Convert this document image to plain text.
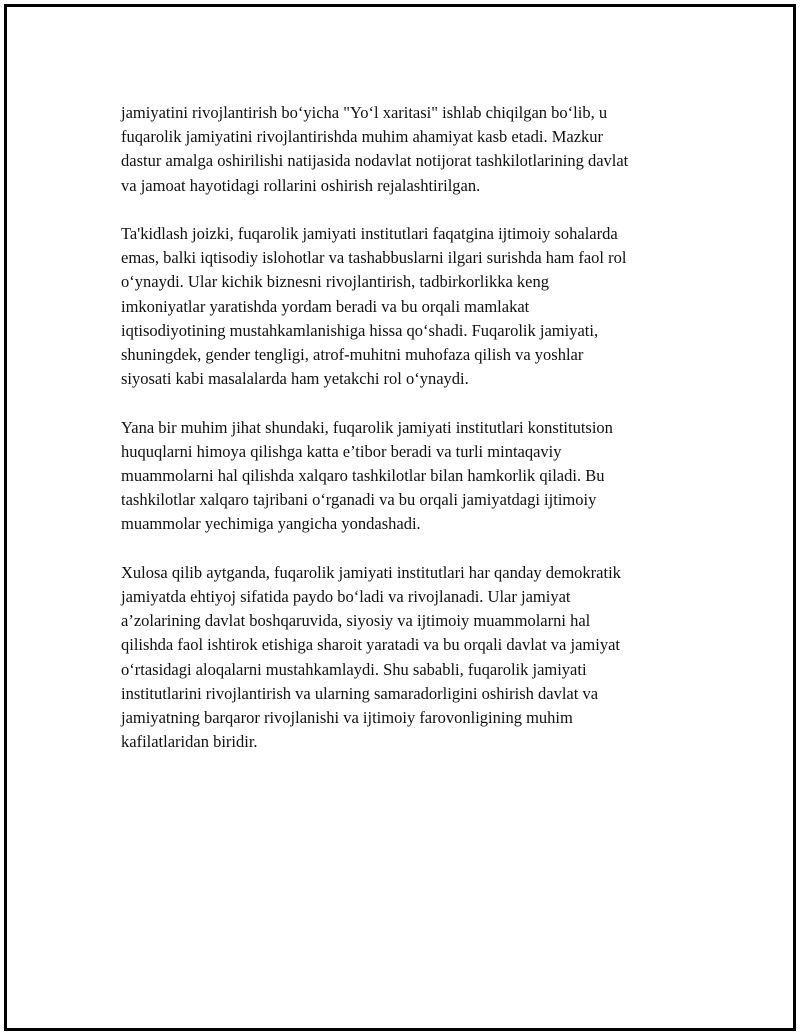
jamiyatini rivojlantirish bo‘yicha "Yo‘l xaritasi" ishlab chiqilgan bo‘lib, u
fuqarolik jamiyatini rivojlantirishda muhim ahamiyat kasb etadi. Mazkur
dastur amalga oshirilishi natijasida nodavlat notijorat tashkilotlarining davlat
va jamoat hayotidagi rollarini oshirish rejalashtirilgan.

Ta'kidlash joizki, fuqarolik jamiyati institutlari faqatgina ijtimoiy sohalarda
emas, balki iqtisodiy islohotlar va tashabbuslarni ilgari surishda ham faol rol
o‘ynaydi. Ular kichik biznesni rivojlantirish, tadbirkorlikka keng
imkoniyatlar yaratishda yordam beradi va bu orqali mamlakat
iqtisodiyotining mustahkamlanishiga hissa qo‘shadi. Fuqarolik jamiyati,
shuningdek, gender tengligi, atrof-muhitni muhofaza qilish va yoshlar
siyosati kabi masalalarda ham yetakchi rol o‘ynaydi.

Yana bir muhim jihat shundaki, fuqarolik jamiyati institutlari konstitutsion
huquqlarni himoya qilishga katta e’tibor beradi va turli mintaqaviy
muammolarni hal qilishda xalqaro tashkilotlar bilan hamkorlik qiladi. Bu
tashkilotlar xalqaro tajribani o‘rganadi va bu orqali jamiyatdagi ijtimoiy
muammolar yechimiga yangicha yondashadi.

Xulosa qilib aytganda, fuqarolik jamiyati institutlari har qanday demokratik
jamiyatda ehtiyoj sifatida paydo bo‘ladi va rivojlanadi. Ular jamiyat
a’zolarining davlat boshqaruvida, siyosiy va ijtimoiy muammolarni hal
qilishda faol ishtirok etishiga sharoit yaratadi va bu orqali davlat va jamiyat
o‘rtasidagi aloqalarni mustahkamlaydi. Shu sababli, fuqarolik jamiyati
institutlarini rivojlantirish va ularning samaradorligini oshirish davlat va
jamiyatning barqaror rivojlanishi va ijtimoiy farovonligining muhim
kafilatlaridan biridir.
